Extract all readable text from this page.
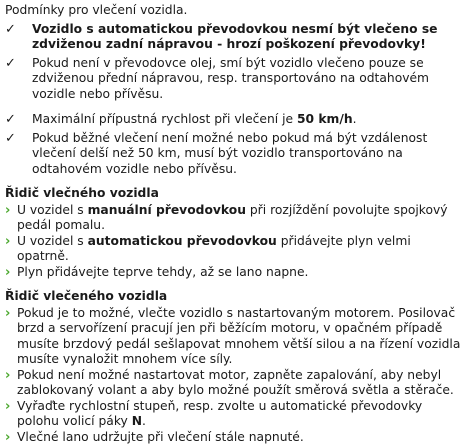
Podmínky pro vlečení vozidla.
✓	Vozidlo s automatickou převodovkou nesmí být vlečeno se zdviženou zadní nápravou - hrozí poškození převodovky!
✓	Pokud není v převodovce olej, smí být vozidlo vlečeno pouze se zdviženou přední nápravou, resp. transportováno na odtahovém vozidle nebo přívěsu.
✓	Maximální přípustná rychlost při vlečení je 50 km/h.
✓	Pokud běžné vlečení není možné nebo pokud má být vzdálenost vlečení delší než 50 km, musí být vozidlo transportováno na odtahovém vozidle nebo přívěsu.
Řidič vlečného vozidla
› U vozidel s manuální převodovkou při rozjíždění povolujte spojkový pedál pomalu.
› U vozidel s automatickou převodovkou přidávejte plyn velmi opatrně.
› Plyn přidávejte teprve tehdy, až se lano napne.
Řidič vlečeného vozidla
› Pokud je to možné, vlečte vozidlo s nastartovaným motorem. Posilovač brzd a servořízení pracují jen při běžícím motoru, v opačném případě musíte brzdový pedál sešlapovat mnohem větší silou a na řízení vozidla musíte vynaložit mnohem více síly.
› Pokud není možné nastartovat motor, zapněte zapalování, aby nebyl zablokovaný volant a aby bylo možné použít směrová světla a stěrače.
› Vyřaďte rychlostní stupeň, resp. zvolte u automatické převodovky polohu volicí páky N.
› Vlečné lano udržujte při vlečení stále napnuté.
